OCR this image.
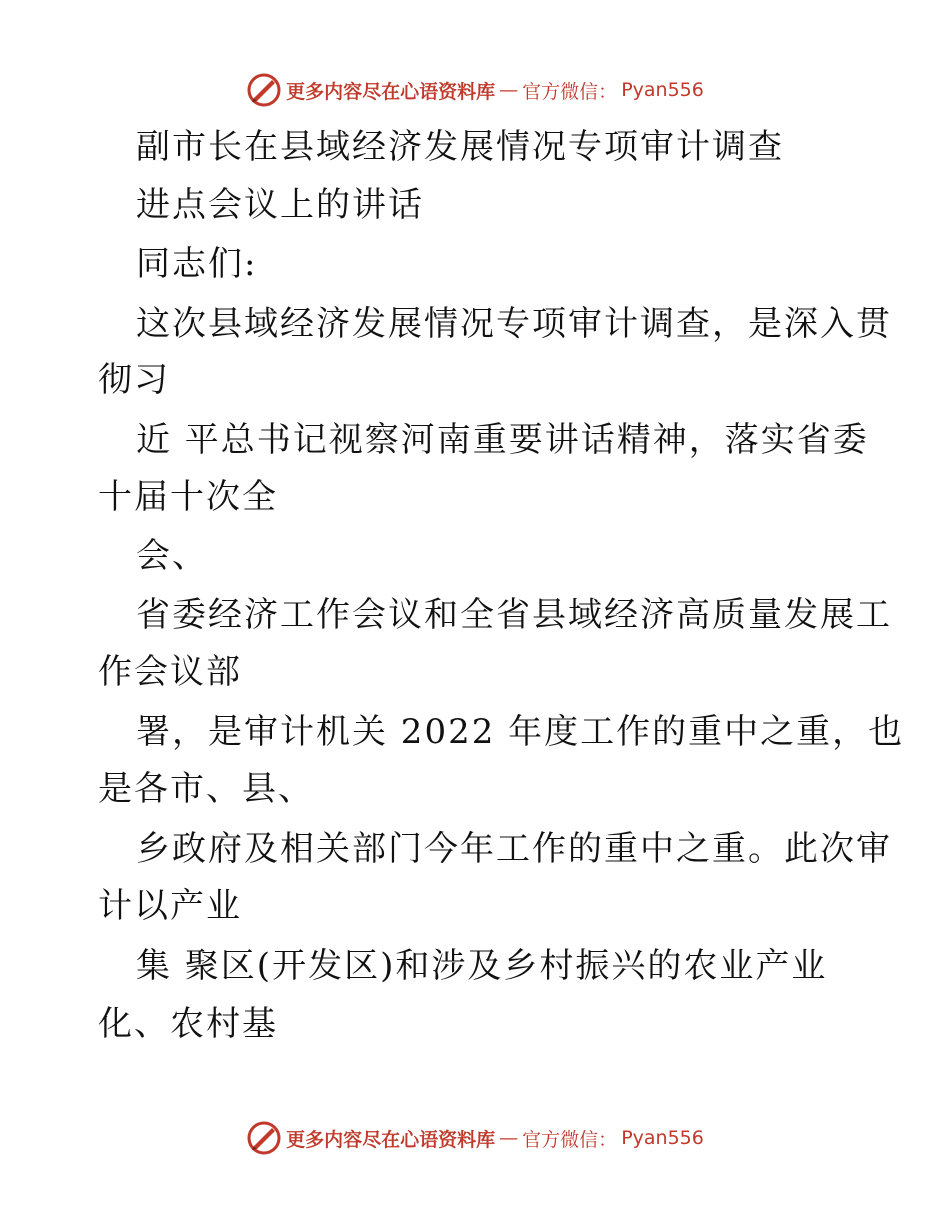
更多内容尽在心语资料库 — 官方微信： Pyan556
副市长在县域经济发展情况专项审计调查
进点会议上的讲话
同志们:
这次县域经济发展情况专项审计调查，是深入贯
彻习
近 平总书记视察河南重要讲话精神，落实省委
十届十次全
会、
省委经济工作会议和全省县域经济高质量发展工
作会议部
署，是审计机关 2022 年度工作的重中之重，也
是各市、县、
乡政府及相关部门今年工作的重中之重。此次审
计以产业
集 聚区(开发区)和涉及乡村振兴的农业产业
化、农村基
更多内容尽在心语资料库 — 官方微信： Pyan556
